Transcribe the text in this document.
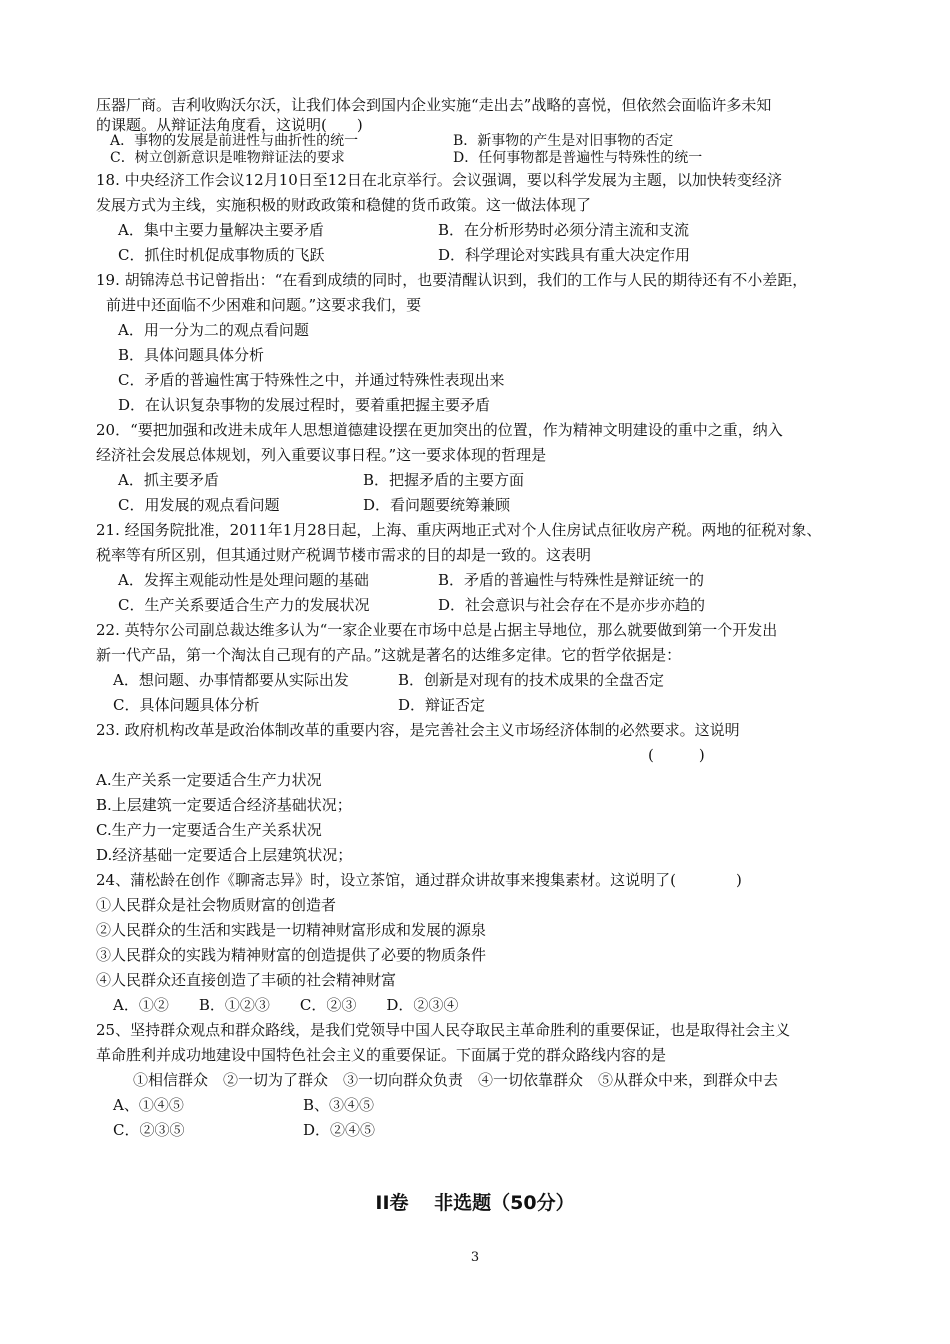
压器厂商。吉利收购沃尔沃，让我们体会到国内企业实施“走出去”战略的喜悦，但依然会面临许多未知
的课题。从辩证法角度看，这说明(　　)
A．事物的发展是前进性与曲折性的统一	B．新事物的产生是对旧事物的否定
C．树立创新意识是唯物辩证法的要求	D．任何事物都是普遍性与特殊性的统一
18. 中央经济工作会议12月10日至12日在北京举行。会议强调，要以科学发展为主题，以加快转变经济
发展方式为主线，实施积极的财政政策和稳健的货币政策。这一做法体现了
A．集中主要力量解决主要矛盾	B．在分析形势时必须分清主流和支流
C．抓住时机促成事物质的飞跃	D．科学理论对实践具有重大决定作用
19. 胡锦涛总书记曾指出：“在看到成绩的同时，也要清醒认识到，我们的工作与人民的期待还有不小差距，
前进中还面临不少困难和问题。”这要求我们，要
A．用一分为二的观点看问题
B．具体问题具体分析
C．矛盾的普遍性寓于特殊性之中，并通过特殊性表现出来
D．在认识复杂事物的发展过程时，要着重把握主要矛盾
20．“要把加强和改进未成年人思想道德建设摆在更加突出的位置，作为精神文明建设的重中之重，纳入
经济社会发展总体规划，列入重要议事日程。”这一要求体现的哲理是
A．抓主要矛盾	B．把握矛盾的主要方面
C．用发展的观点看问题	D．看问题要统筹兼顾
21. 经国务院批准，2011年1月28日起，上海、重庆两地正式对个人住房试点征收房产税。两地的征税对象、
税率等有所区别，但其通过财产税调节楼市需求的目的却是一致的。这表明
A．发挥主观能动性是处理问题的基础	B．矛盾的普遍性与特殊性是辩证统一的
C．生产关系要适合生产力的发展状况	D．社会意识与社会存在不是亦步亦趋的
22. 英特尔公司副总裁达维多认为“一家企业要在市场中总是占据主导地位，那么就要做到第一个开发出
新一代产品，第一个淘汰自己现有的产品。”这就是著名的达维多定律。它的哲学依据是：
A．想问题、办事情都要从实际出发	B．创新是对现有的技术成果的全盘否定
C．具体问题具体分析	D．辩证否定
23. 政府机构改革是政治体制改革的重要内容，是完善社会主义市场经济体制的必然要求。这说明
(　　　)
A.生产关系一定要适合生产力状况
B.上层建筑一定要适合经济基础状况；
C.生产力一定要适合生产关系状况
D.经济基础一定要适合上层建筑状况；
24、蒲松龄在创作《聊斋志异》时，设立茶馆，通过群众讲故事来搜集素材。这说明了(　　　　)
①人民群众是社会物质财富的创造者
②人民群众的生活和实践是一切精神财富形成和发展的源泉
③人民群众的实践为精神财富的创造提供了必要的物质条件
④人民群众还直接创造了丰硕的社会精神财富
A．①②　　B．①②③　　C．②③　　D．②③④
25、坚持群众观点和群众路线，是我们党领导中国人民夺取民主革命胜利的重要保证，也是取得社会主义
革命胜利并成功地建设中国特色社会主义的重要保证。下面属于党的群众路线内容的是
①相信群众　②一切为了群众　③一切向群众负责　④一切依靠群众　⑤从群众中来，到群众中去
A、①④⑤	B、③④⑤
C．②③⑤	D．②④⑤
II卷　 非选题（50分）
3
